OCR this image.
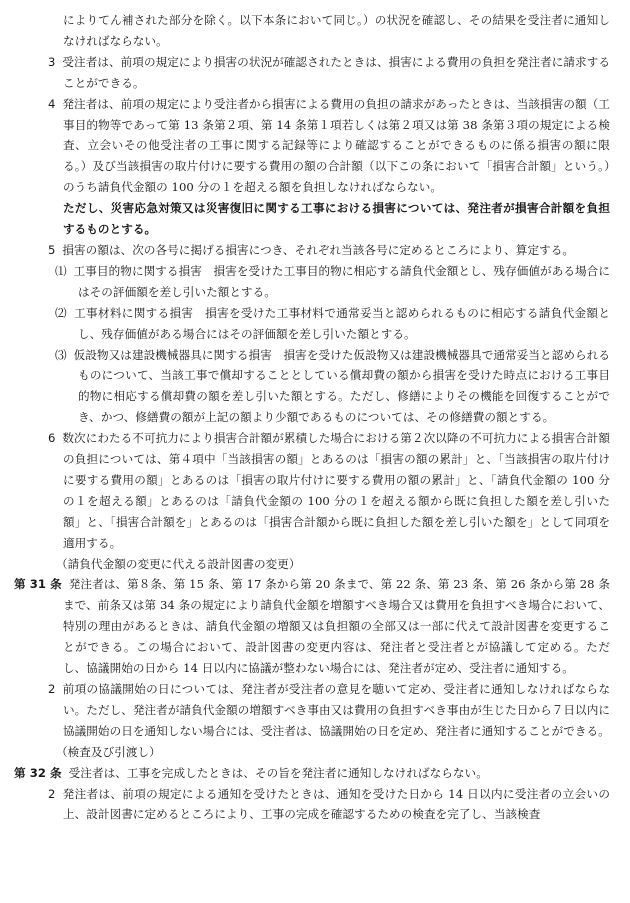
によりてん補された部分を除く。以下本条において同じ。）の状況を確認し、その結果を受注者に通知しなければならない。

3 受注者は、前項の規定により損害の状況が確認されたときは、損害による費用の負担を発注者に請求することができる。

4 発注者は、前項の規定により受注者から損害による費用の負担の請求があったときは、当該損害の額（工事目的物等であって第 13 条第２項、第 14 条第１項若しくは第２項又は第 38 条第３項の規定による検査、立会いその他受注者の工事に関する記録等により確認することができるものに係る損害の額に限る。）及び当該損害の取片付けに要する費用の額の合計額（以下この条において「損害合計額」という。）のうち請負代金額の 100 分の１を超える額を負担しなければならない。

ただし、災害応急対策又は災害復旧に関する工事における損害については、発注者が損害合計額を負担するものとする。

5 損害の額は、次の各号に掲げる損害につき、それぞれ当該各号に定めるところにより、算定する。

⑴ 工事目的物に関する損害　損害を受けた工事目的物に相応する請負代金額とし、残存価値がある場合にはその評価額を差し引いた額とする。

⑵ 工事材料に関する損害　損害を受けた工事材料で通常妥当と認められるものに相応する請負代金額とし、残存価値がある場合にはその評価額を差し引いた額とする。

⑶ 仮設物又は建設機械器具に関する損害　損害を受けた仮設物又は建設機械器具で通常妥当と認められるものについて、当該工事で償却することとしている償却費の額から損害を受けた時点における工事目的物に相応する償却費の額を差し引いた額とする。ただし、修繕によりその機能を回復することができ、かつ、修繕費の額が上記の額より少額であるものについては、その修繕費の額とする。

6 数次にわたる不可抗力により損害合計額が累積した場合における第２次以降の不可抗力による損害合計額の負担については、第４項中「当該損害の額」とあるのは「損害の額の累計」と、「当該損害の取片付けに要する費用の額」とあるのは「損害の取片付けに要する費用の額の累計」と、「請負代金額の 100 分の１を超える額」とあるのは「請負代金額の 100 分の１を超える額から既に負担した額を差し引いた額」と、「損害合計額を」とあるのは「損害合計額から既に負担した額を差し引いた額を」として同項を適用する。

（請負代金額の変更に代える設計図書の変更）

第 31 条 発注者は、第８条、第 15 条、第 17 条から第 20 条まで、第 22 条、第 23 条、第 26 条から第 28 条まで、前条又は第 34 条の規定により請負代金額を増額すべき場合又は費用を負担すべき場合において、特別の理由があるときは、請負代金額の増額又は負担額の全部又は一部に代えて設計図書を変更することができる。この場合において、設計図書の変更内容は、発注者と受注者とが協議して定める。ただし、協議開始の日から 14 日以内に協議が整わない場合には、発注者が定め、受注者に通知する。

2 前項の協議開始の日については、発注者が受注者の意見を聴いて定め、受注者に通知しなければならない。ただし、発注者が請負代金額の増額すべき事由又は費用の負担すべき事由が生じた日から７日以内に協議開始の日を通知しない場合には、受注者は、協議開始の日を定め、発注者に通知することができる。

（検査及び引渡し）

第 32 条 受注者は、工事を完成したときは、その旨を発注者に通知しなければならない。

2 発注者は、前項の規定による通知を受けたときは、通知を受けた日から 14 日以内に受注者の立会いの上、設計図書に定めるところにより、工事の完成を確認するための検査を完了し、当該検査
